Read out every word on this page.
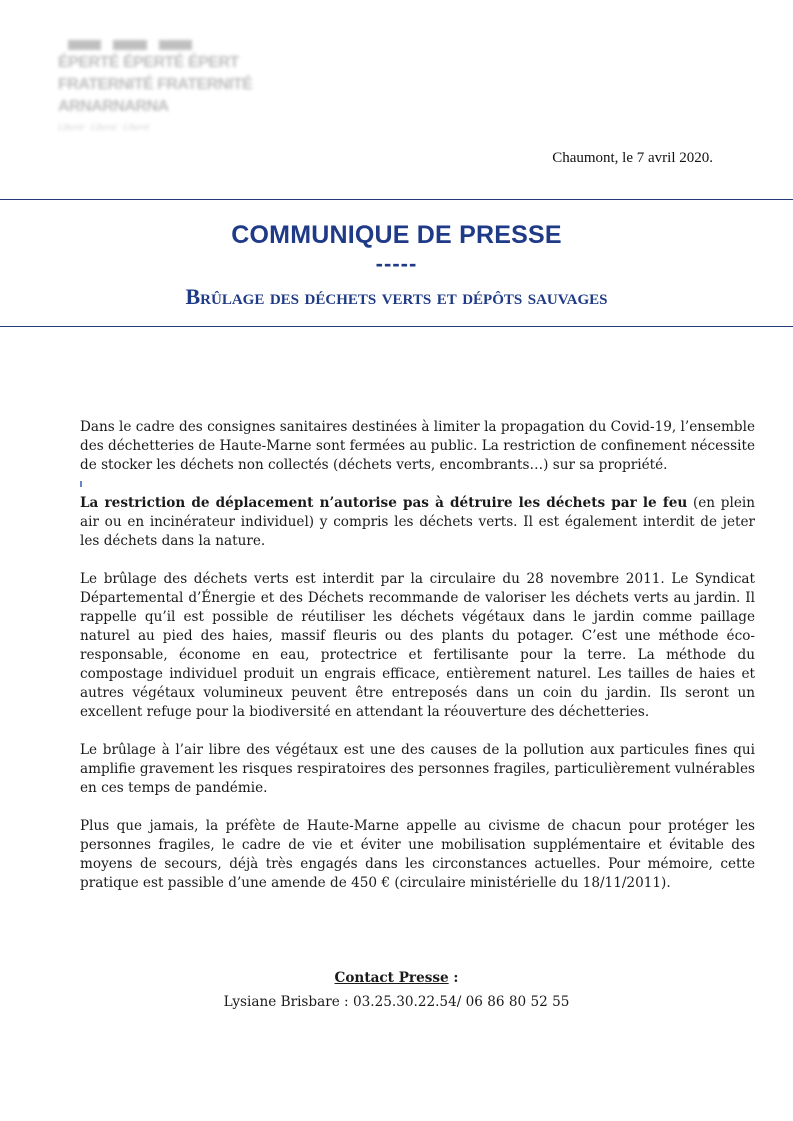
ÉPERTÉ ÉPERTÉ ÉPERT
FRATERNITÉ FRATERNITÉ
ARNARNARNA
Liberté · Liberté · Liberté
Chaumont, le 7 avril 2020.
COMMUNIQUE DE PRESSE
-----
Brûlage des déchets verts et dépôts sauvages

Dans le cadre des consignes sanitaires destinées à limiter la propagation du Covid-19, l’ensemble des déchetteries de Haute-Marne sont fermées au public. La restriction de confinement nécessite de stocker les déchets non collectés (déchets verts, encombrants…) sur sa propriété.

La restriction de déplacement n’autorise pas à détruire les déchets par le feu (en plein air ou en incinérateur individuel) y compris les déchets verts. Il est également interdit de jeter les déchets dans la nature.

Le brûlage des déchets verts est interdit par la circulaire du 28 novembre 2011. Le Syndicat Départemental d’Énergie et des Déchets recommande de valoriser les déchets verts au jardin. Il rappelle qu’il est possible de réutiliser les déchets végétaux dans le jardin comme paillage naturel au pied des haies, massif fleuris ou des plants du potager. C’est une méthode éco-responsable, économe en eau, protectrice et fertilisante pour la terre. La méthode du compostage individuel produit un engrais efficace, entièrement naturel. Les tailles de haies et autres végétaux volumineux peuvent être entreposés dans un coin du jardin. Ils seront un excellent refuge pour la biodiversité en attendant la réouverture des déchetteries.

Le brûlage à l’air libre des végétaux est une des causes de la pollution aux particules fines qui amplifie gravement les risques respiratoires des personnes fragiles, particulièrement vulnérables en ces temps de pandémie.

Plus que jamais, la préfète de Haute-Marne appelle au civisme de chacun pour protéger les personnes fragiles, le cadre de vie et éviter une mobilisation supplémentaire et évitable des moyens de secours, déjà très engagés dans les circonstances actuelles. Pour mémoire, cette pratique est passible d’une amende de 450 € (circulaire ministérielle du 18/11/2011).

Contact Presse :
Lysiane Brisbare : 03.25.30.22.54/ 06 86 80 52 55
